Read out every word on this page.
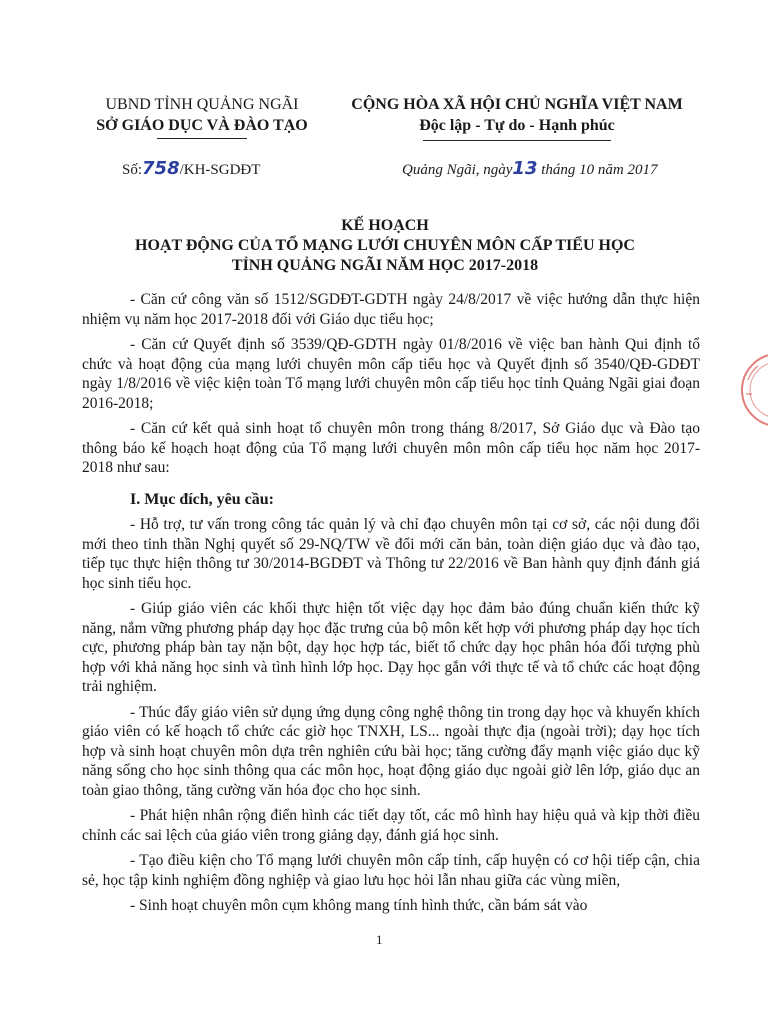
UBND TỈNH QUẢNG NGÃI
SỞ GIÁO DỤC VÀ ĐÀO TẠO
CỘNG HÒA XÃ HỘI CHỦ NGHĨA VIỆT NAM
Độc lập - Tự do - Hạnh phúc
Số:758/KH-SGDĐT	Quảng Ngãi, ngày13 tháng 10 năm 2017
KẾ HOẠCH
HOẠT ĐỘNG CỦA TỔ MẠNG LƯỚI CHUYÊN MÔN CẤP TIỂU HỌC
TỈNH QUẢNG NGÃI NĂM HỌC 2017-2018

- Căn cứ công văn số 1512/SGDĐT-GDTH ngày 24/8/2017 về việc hướng dẫn thực hiện nhiệm vụ năm học 2017-2018 đối với Giáo dục tiểu học;

- Căn cứ Quyết định số 3539/QĐ-GDTH ngày 01/8/2016 về việc ban hành Qui định tổ chức và hoạt động của mạng lưới chuyên môn cấp tiểu học và Quyết định số 3540/QĐ-GDĐT ngày 1/8/2016 về việc kiện toàn Tổ mạng lưới chuyên môn cấp tiểu học tỉnh Quảng Ngãi giai đoạn 2016-2018;

- Căn cứ kết quả sinh hoạt tổ chuyên môn trong tháng 8/2017, Sở Giáo dục và Đào tạo thông báo kế hoạch hoạt động của Tổ mạng lưới chuyên môn môn cấp tiểu học năm học 2017-2018 như sau:

I. Mục đích, yêu cầu:

- Hỗ trợ, tư vấn trong công tác quản lý và chỉ đạo chuyên môn tại cơ sở, các nội dung đổi mới theo tinh thần Nghị quyết số 29-NQ/TW về đổi mới căn bản, toàn diện giáo dục và đào tạo, tiếp tục thực hiện thông tư 30/2014-BGDĐT và Thông tư 22/2016 về Ban hành quy định đánh giá học sinh tiểu học.

- Giúp giáo viên các khối thực hiện tốt việc dạy học đảm bảo đúng chuẩn kiến thức kỹ năng, nắm vững phương pháp dạy học đặc trưng của bộ môn kết hợp với phương pháp dạy học tích cực, phương pháp bàn tay nặn bột, dạy học hợp tác, biết tổ chức dạy học phân hóa đối tượng phù hợp với khả năng học sinh và tình hình lớp học. Dạy học gắn với thực tế và tổ chức các hoạt động trải nghiệm.

- Thúc đẩy giáo viên sử dụng ứng dụng công nghệ thông tin trong dạy học và khuyến khích giáo viên có kế hoạch tổ chức các giờ học TNXH, LS... ngoài thực địa (ngoài trời); dạy học tích hợp và sinh hoạt chuyên môn dựa trên nghiên cứu bài học; tăng cường đẩy mạnh việc giáo dục kỹ năng sống cho học sinh thông qua các môn học, hoạt động giáo dục ngoài giờ lên lớp, giáo dục an toàn giao thông, tăng cường văn hóa đọc cho học sinh.

- Phát hiện nhân rộng điển hình các tiết dạy tốt, các mô hình hay hiệu quả và kịp thời điều chỉnh các sai lệch của giáo viên trong giảng dạy, đánh giá học sinh.

- Tạo điều kiện cho Tổ mạng lưới chuyên môn cấp tỉnh, cấp huyện có cơ hội tiếp cận, chia sẻ, học tập kinh nghiệm đồng nghiệp và giao lưu học hỏi lẫn nhau giữa các vùng miền,

- Sinh hoạt chuyên môn cụm không mang tính hình thức, cần bám sát vào

1
